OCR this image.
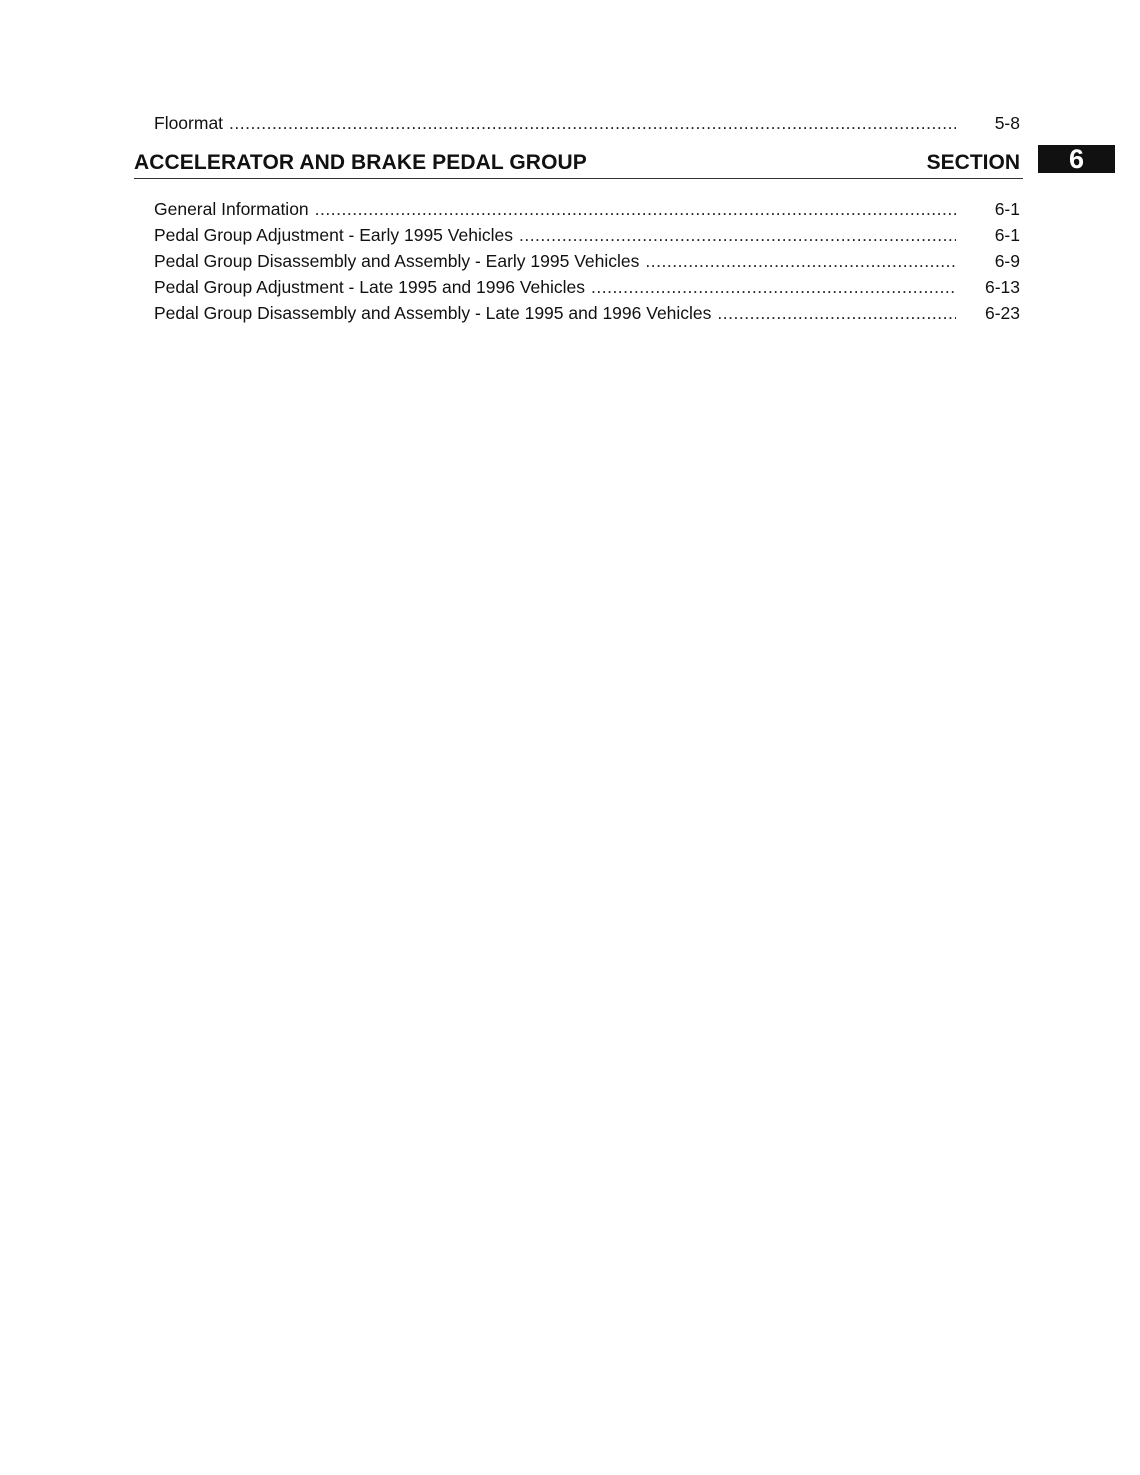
Floormat .....	5-8
ACCELERATOR AND BRAKE PEDAL GROUP	SECTION	6
General Information .....	6-1
Pedal Group Adjustment - Early 1995 Vehicles .....	6-1
Pedal Group Disassembly and Assembly - Early 1995 Vehicles .....	6-9
Pedal Group Adjustment - Late 1995 and 1996 Vehicles .....	6-13
Pedal Group Disassembly and Assembly - Late 1995 and 1996 Vehicles .....	6-23
